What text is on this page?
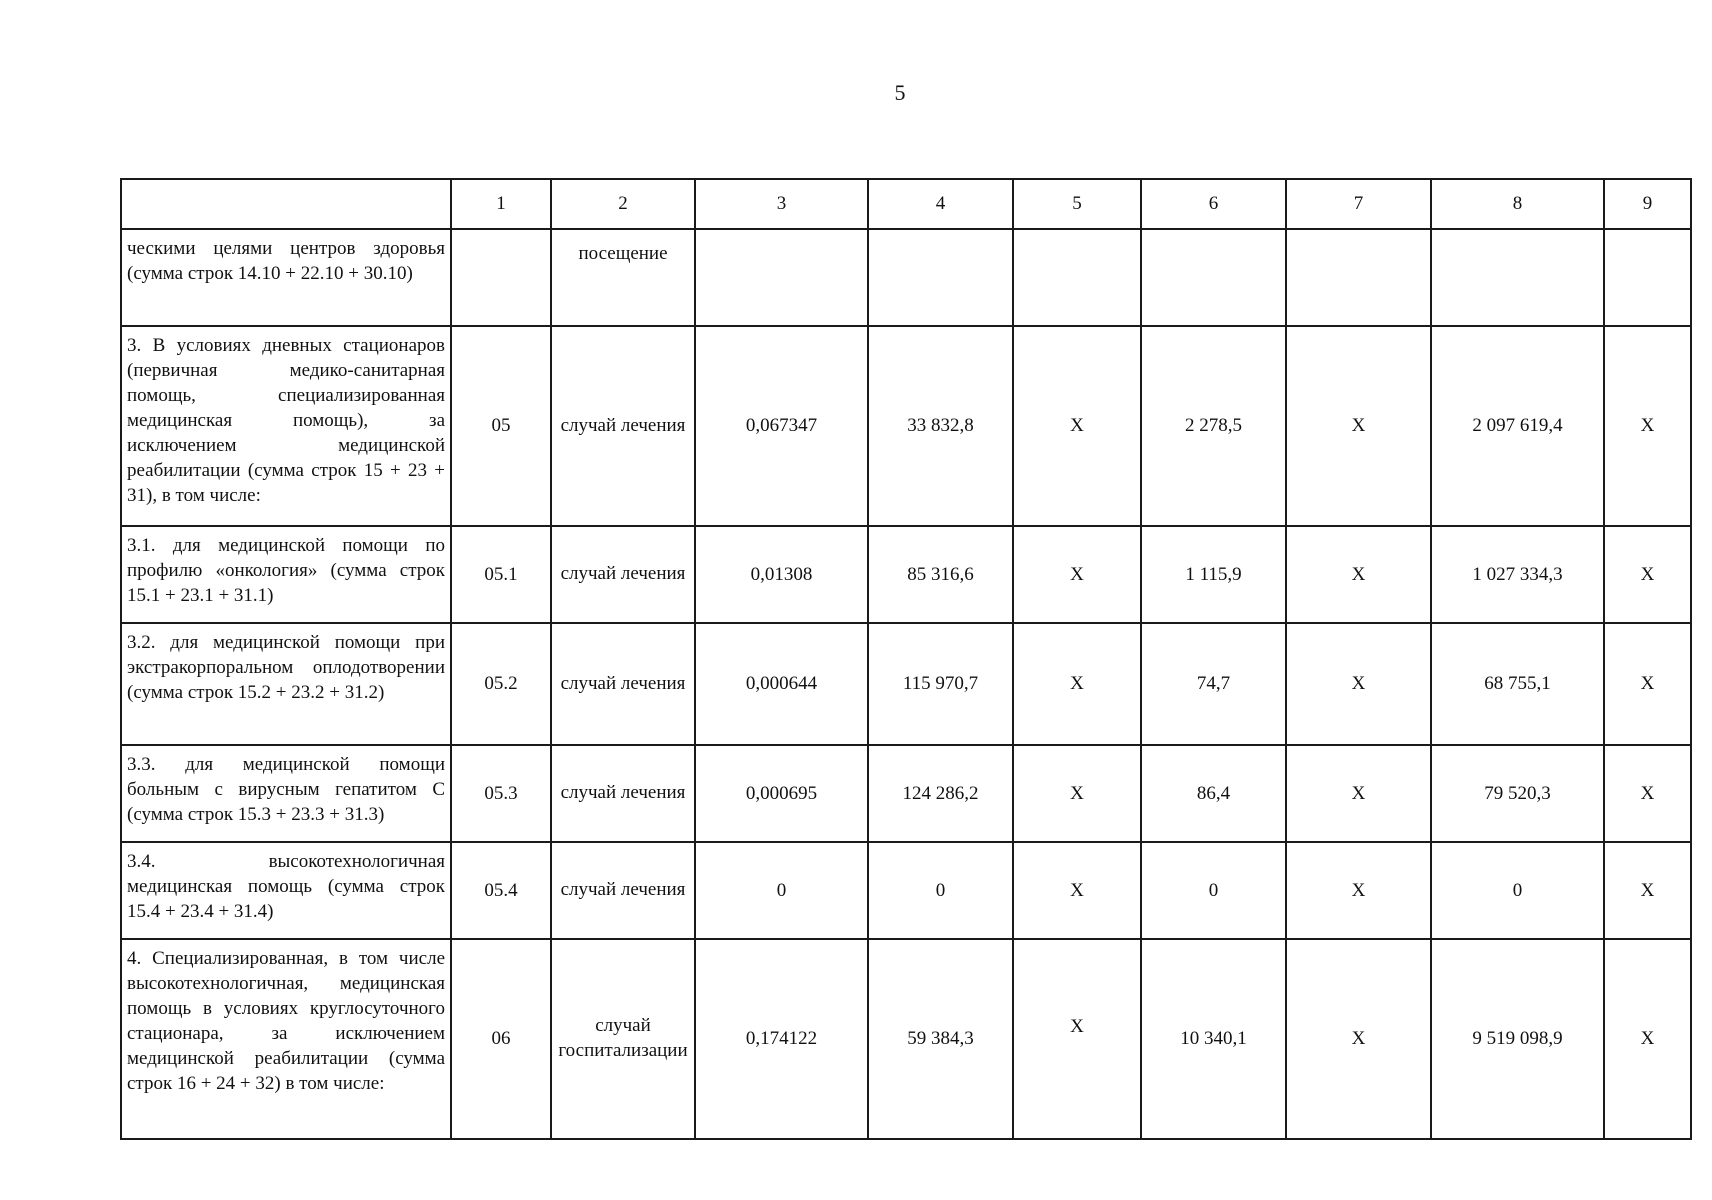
5
	1	2	3	4	5	6	7	8	9
ческими целями центров здоровья (сумма строк 14.10 + 22.10 + 30.10)		посещение							
3. В условиях дневных стационаров (первичная медико-санитарная помощь, специализированная медицинская помощь), за исключением медицинской реабилитации (сумма строк 15 + 23 + 31), в том числе:	05	случай лечения	0,067347	33 832,8	X	2 278,5	X	2 097 619,4	X
3.1. для медицинской помощи по профилю «онкология» (сумма строк 15.1 + 23.1 + 31.1)	05.1	случай лечения	0,01308	85 316,6	X	1 115,9	X	1 027 334,3	X
3.2. для медицинской помощи при экстракорпоральном оплодотворении (сумма строк 15.2 + 23.2 + 31.2)	05.2	случай лечения	0,000644	115 970,7	X	74,7	X	68 755,1	X
3.3. для медицинской помощи больным с вирусным гепатитом С (сумма строк 15.3 + 23.3 + 31.3)	05.3	случай лечения	0,000695	124 286,2	X	86,4	X	79 520,3	X
3.4. высокотехнологичная медицинская помощь (сумма строк 15.4 + 23.4 + 31.4)	05.4	случай лечения	0	0	X	0	X	0	X
4. Специализированная, в том числе высокотехнологичная, медицинская помощь в условиях круглосуточного стационара, за исключением медицинской реабилитации (сумма строк 16 + 24 + 32) в том числе:	06	случай госпитализации	0,174122	59 384,3	X	10 340,1	X	9 519 098,9	X
